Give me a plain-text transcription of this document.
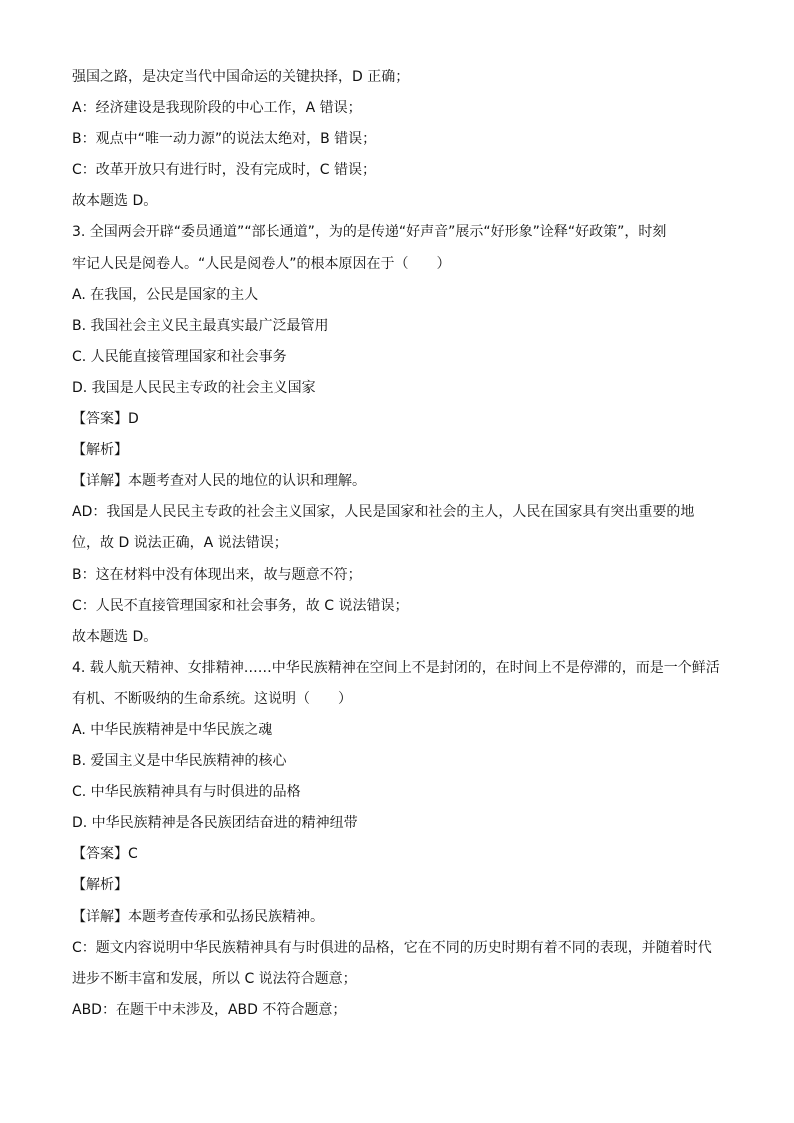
强国之路，是决定当代中国命运的关键抉择，D 正确；
A：经济建设是我现阶段的中心工作，A 错误；
B：观点中“唯一动力源”的说法太绝对，B 错误；
C：改革开放只有进行时，没有完成时，C 错误；
故本题选 D。
3. 全国两会开辟“委员通道”“部长通道”，为的是传递“好声音”展示“好形象”诠释“好政策”，时刻
牢记人民是阅卷人。“人民是阅卷人”的根本原因在于（　　）
A. 在我国，公民是国家的主人
B. 我国社会主义民主最真实最广泛最管用
C. 人民能直接管理国家和社会事务
D. 我国是人民民主专政的社会主义国家
【答案】D
【解析】
【详解】本题考查对人民的地位的认识和理解。
AD：我国是人民民主专政的社会主义国家，人民是国家和社会的主人，人民在国家具有突出重要的地
位，故 D 说法正确，A 说法错误；
B：这在材料中没有体现出来，故与题意不符；
C：人民不直接管理国家和社会事务，故 C 说法错误；
故本题选 D。
4. 载人航天精神、女排精神……中华民族精神在空间上不是封闭的，在时间上不是停滞的，而是一个鲜活
有机、不断吸纳的生命系统。这说明（　　）
A. 中华民族精神是中华民族之魂
B. 爱国主义是中华民族精神的核心
C. 中华民族精神具有与时俱进的品格
D. 中华民族精神是各民族团结奋进的精神纽带
【答案】C
【解析】
【详解】本题考查传承和弘扬民族精神。
C：题文内容说明中华民族精神具有与时俱进的品格，它在不同的历史时期有着不同的表现，并随着时代
进步不断丰富和发展，所以 C 说法符合题意；
ABD：在题干中未涉及，ABD 不符合题意；
